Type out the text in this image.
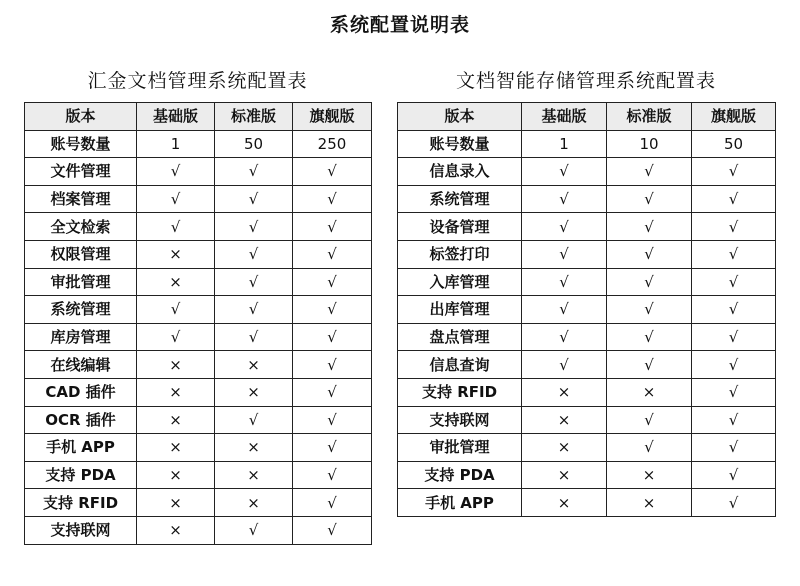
系统配置说明表
汇金文档管理系统配置表	文档智能存储管理系统配置表
版本	基础版	标准版	旗舰版
账号数量	1	50	250
文件管理	√	√	√
档案管理	√	√	√
全文检索	√	√	√
权限管理	×	√	√
审批管理	×	√	√
系统管理	√	√	√
库房管理	√	√	√
在线编辑	×	×	√
CAD 插件	×	×	√
OCR 插件	×	√	√
手机 APP	×	×	√
支持 PDA	×	×	√
支持 RFID	×	×	√
支持联网	×	√	√
版本	基础版	标准版	旗舰版
账号数量	1	10	50
信息录入	√	√	√
系统管理	√	√	√
设备管理	√	√	√
标签打印	√	√	√
入库管理	√	√	√
出库管理	√	√	√
盘点管理	√	√	√
信息查询	√	√	√
支持 RFID	×	×	√
支持联网	×	√	√
审批管理	×	√	√
支持 PDA	×	×	√
手机 APP	×	×	√
